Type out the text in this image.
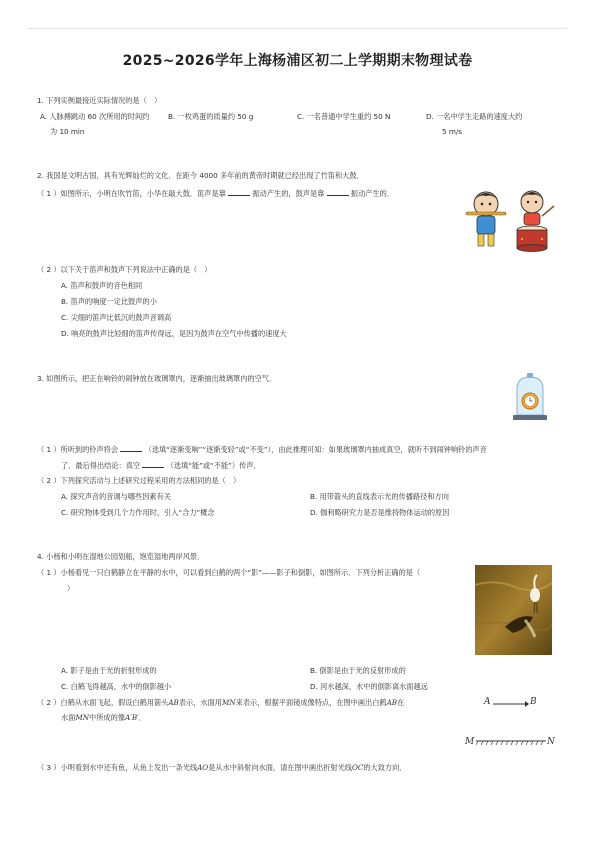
2025~2026学年上海杨浦区初二上学期期末物理试卷
1. 下列实例最接近实际情况的是（　）
A. 人脉搏跳动 60 次所用的时间约
为 10 min
B. 一枚鸡蛋的质量约 50 g	C. 一名普通中学生重约 50 N	D. 一名中学生走路的速度大约
5 m/s
2. 我国是文明古国，具有光辉灿烂的文化．在距今 4000 多年前的黄帝时期就已经出现了竹笛和大鼓．
（ 1 ）如图所示，小明在吹竹笛，小华在敲大鼓．笛声是靠	振动产生的，鼓声是靠	振动产生的．
（ 2 ）以下关于笛声和鼓声下列说法中正确的是（　）
A. 笛声和鼓声的音色相同
B. 笛声的响度一定比鼓声的小
C. 尖细的笛声比低沉的鼓声音调高
D. 响亮的鼓声比轻细的笛声传得远，是因为鼓声在空气中传播的速度大
3. 如图所示，把正在响铃的闹钟放在玻璃罩内，逐渐抽出玻璃罩内的空气．
（ 1 ）所听到的铃声将会	（选填“逐渐变响”“逐渐变轻”或“不变”），由此推理可知：如果玻璃罩内抽成真空，就听不到闹钟响铃的声音
了．最后得出结论：真空	（选填“能”或“不能”）传声．
（ 2 ）下列探究活动与上述研究过程采用的方法相同的是（　）
A. 探究声音的音调与哪些因素有关	B. 用带箭头的直线表示光的传播路径和方向
C. 研究物体受到几个力作用时，引入“合力”概念	D. 伽利略研究力是否是维持物体运动的原因
4. 小杨和小明在湿地公园划船，饱览湿地两岸风景．
（ 1 ）小杨看见一只白鹤静立在平静的水中，可以看到白鹤的两个“影”——影子和倒影，如图所示．下列分析正确的是（
）
A. 影子是由于光的折射形成的	B. 倒影是由于光的反射形成的
C. 白鹤飞得越高，水中的倒影越小	D. 河水越深，水中的倒影离水面越远
（ 2 ）白鹤从水面飞起，假设白鹤用箭头AB表示，水面用MN来表示，根据平面镜成像特点，在图中画出白鹤AB在
水面MN中所成的像A′B′．
A	B
M	N
（ 3 ）小明看到水中还有鱼，从鱼上发出一条光线AO是从水中斜射向水面，请在图中画出折射光线OC的大致方向．
